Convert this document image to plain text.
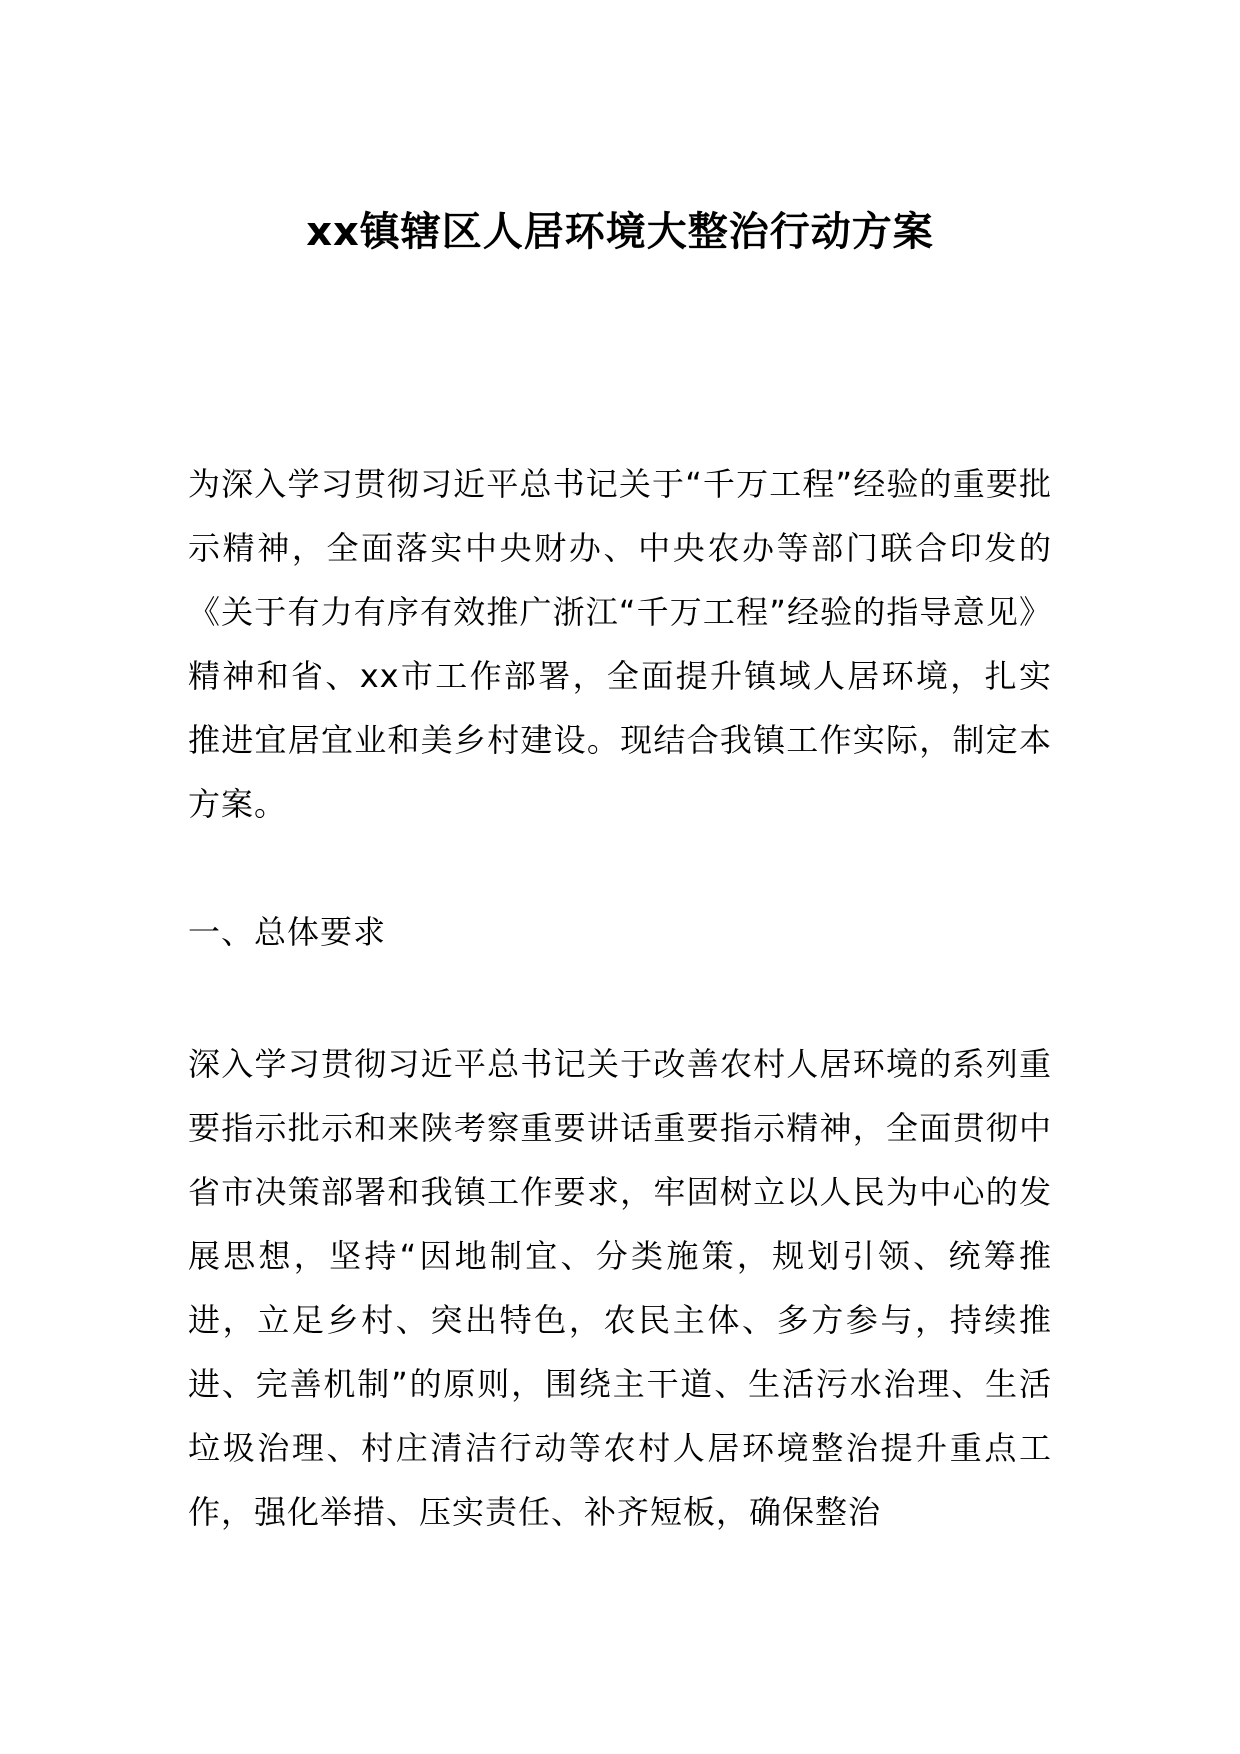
xx镇辖区人居环境大整治行动方案

为深入学习贯彻习近平总书记关于“千万工程”经验的重要批示精神，全面落实中央财办、中央农办等部门联合印发的《关于有力有序有效推广浙江“千万工程”经验的指导意见》精神和省、xx市工作部署，全面提升镇域人居环境，扎实推进宜居宜业和美乡村建设。现结合我镇工作实际，制定本方案。

一、总体要求

深入学习贯彻习近平总书记关于改善农村人居环境的系列重要指示批示和来陕考察重要讲话重要指示精神，全面贯彻中省市决策部署和我镇工作要求，牢固树立以人民为中心的发展思想，坚持“因地制宜、分类施策，规划引领、统筹推进，立足乡村、突出特色，农民主体、多方参与，持续推进、完善机制”的原则，围绕主干道、生活污水治理、生活垃圾治理、村庄清洁行动等农村人居环境整治提升重点工作，强化举措、压实责任、补齐短板，确保整治
